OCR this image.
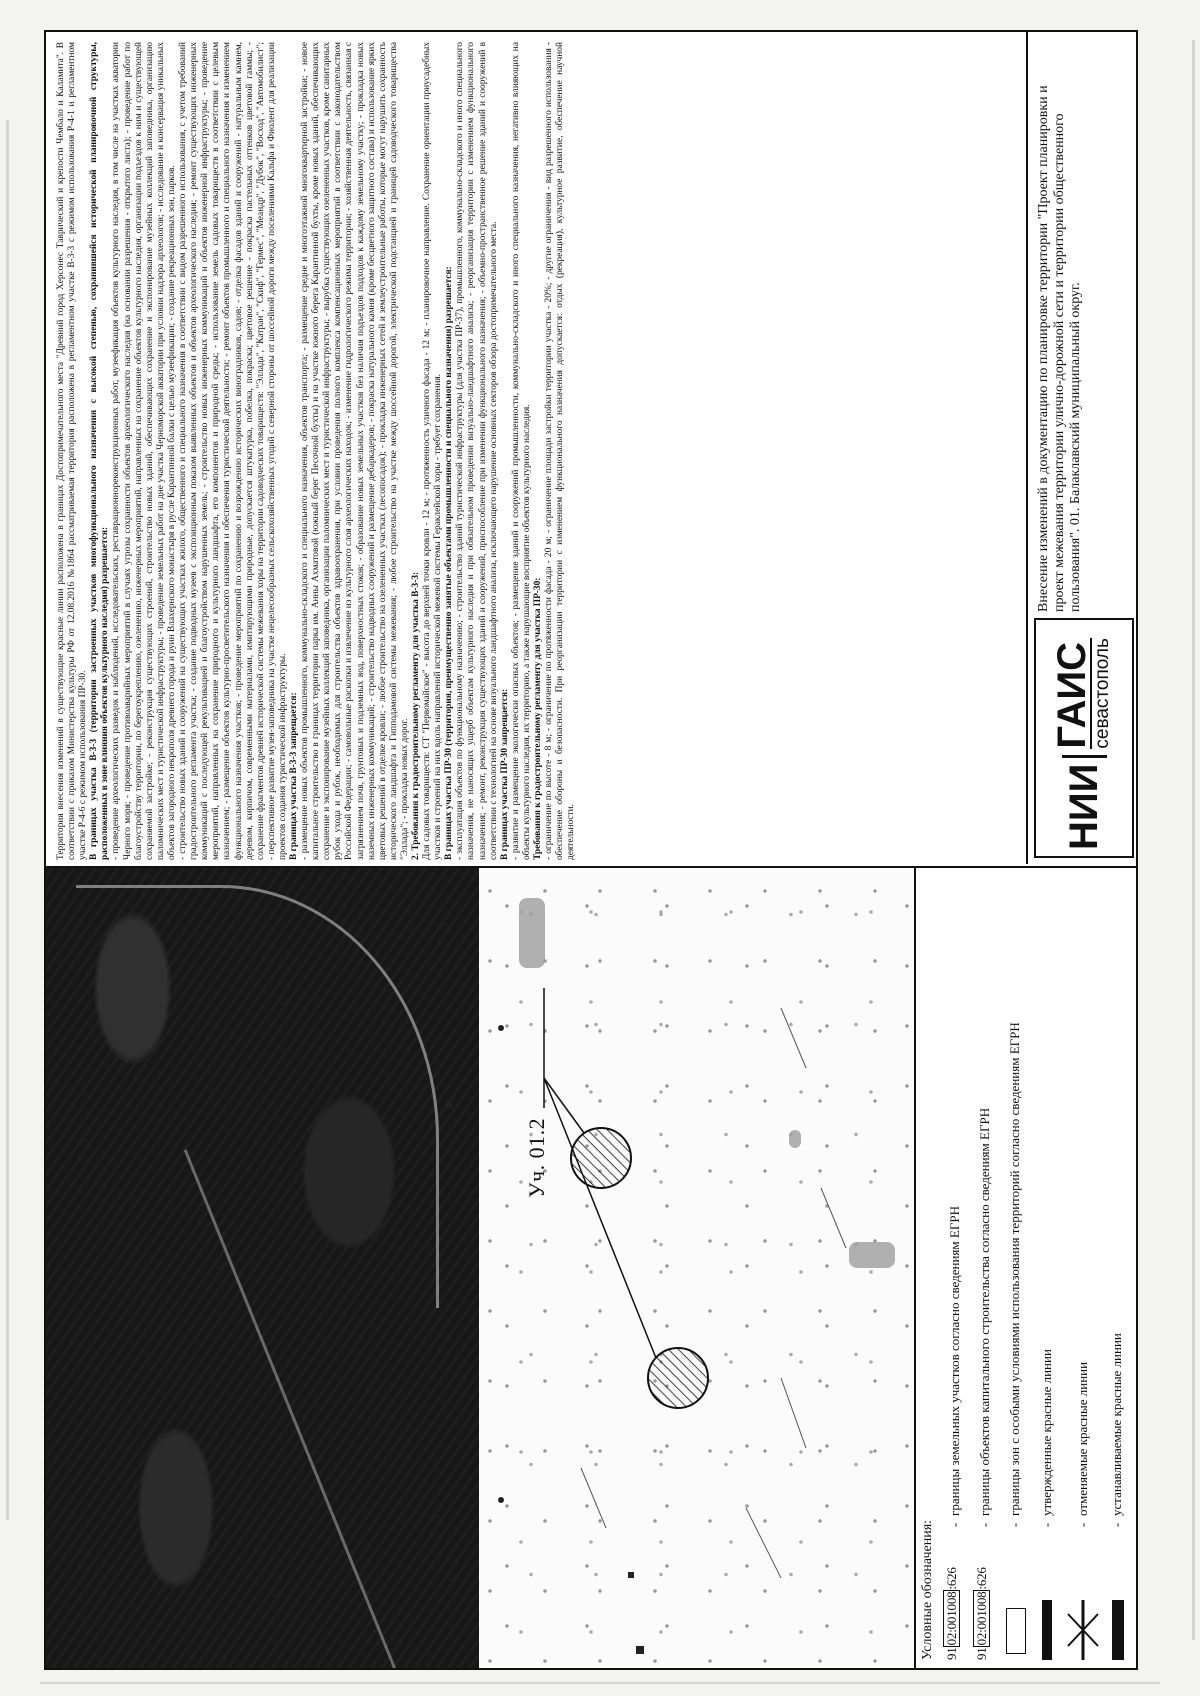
Уч. 01.2
Условные обозначения: 9102:001008:626
-
границы земельных участков согласно сведениям ЕГРН
9102:001008:626
-
границы объектов капитального строительства согласно сведениям ЕГРН
-
границы зон с особыми условиями использования территорий согласно сведениям ЕГРН
-
утвержденные красные линии
-
отменяемые красные линии
-
устанавливаемые красные линии

Территория внесения изменений в существующие красные линии расположена в границах Достопримечательного места "Древний город Херсонес Таврический и крепости Чембало и Каламита". В соответствии с приказом Министерства культуры РФ от 12.08.2016 №1864 рассматриваемая территория расположена в регламентном участке В-3-3 с режимом использования Р-4-1 и регламентном участке Р-4-6 с режимом использования ПР-30. В границах участка В-3-3 (территории застроенных участков многофункционального назначения с высокой степенью, сохранившейся исторической планировочной структуры, расположенных в зоне влияния объектов культурного наследия) разрешается: - проведение археологических разведок и наблюдений, исследовательских, реставрационнореконструкционных работ, музеефикация объектов культурного наследия, в том числе на участках акватории Черного моря; - проведение противоаварийных мероприятий в случаях угрозы сохранности объектов археологического наследия (на основании разрешения - открытого листа); - проведение работ по благоустройству территории, по берегоукреплению, озеленению, инженерных мероприятий, направленных на сохранение объектов культурного наследия, организации подъездов к ним и существующей сохраняемой застройке; - реконструкция существующих строений, строительство новых зданий, обеспечивающих сохранение и экспонирование музейных коллекций заповедника, организацию паломнических мест и туристической инфраструктуры; - проведение земельных работ на дне участка Черноморской акватории при условии надзора археологов; - исследование и консервация уникальных объектов загородного некрополя древнего города и руин Влахернского монастыря в русле Карантинной балки с целью музеефикации; - создание рекреационных зон, парков. - строительство новых зданий и сооружений на существующих участках жилого, общественного и специального назначения в соответствии с видом разрешенного использования, с учетом требований градостроительного регламента участка; - создание подводных музеев с экспозиционным показом выявленных объектов и объектов археологического наследия; - ремонт существующих инженерных коммуникаций с последующей рекультивацией и благоустройством нарушенных земель; - строительство новых инженерных коммуникаций и объектов инженерной инфраструктуры; - проведение мероприятий, направленных на сохранение природного и культурного ландшафта, его компонентов и природной среды; - использование земель садовых товариществ в соответствии с целевым назначением; - размещение объектов культурно-просветительского назначения и обеспечения туристической деятельности; - ремонт объектов промышленного и специального назначения и изменением функционального назначения участков; - проведение мероприятий по сохранению и возрождению исторических виноградников, садов; - отделка фасадов зданий и сооружений - натуральным камнем, деревом, кирпичом, современными материалами, имитирующими природные, допускается штукатурка, побелка, покраска; цветовое решение - покраска пастельных оттенков цветовой гаммы; - сохранение фрагментов древней исторической системы межевания хоры на территории садоводческих товариществ: "Эллада", "Катран", "Скиф", "Гермес", "Меандр", "Дубок", "Восход", "Автомобилист"; - перспективное развитие музея-заповедника на участке нецелесообразных сельскохозяйственных угодий с северной стороны от шоссейной дороги между поселениями Кальфа и Фиолент для реализации проектов создания туристической инфраструктуры. В границах участка В-3-3 запрещается: - размещение новых объектов промышленного, коммунально-складского и специального назначения, объектов транспорта; - размещение средне и многоэтажной многоквартирной застройки; - новое капитальное строительство в границах территории парка им. Анны Ахматовой (южный берег Песочной бухты) и на участке южного берега Карантинной бухты, кроме новых зданий, обеспечивающих сохранение и экспонирование музейных коллекций заповедника, организации паломнических мест и туристической инфраструктуры; - вырубка существующих озелененных участков, кроме санитарных рубок ухода и рубок, необходимых для строительства объектов здравоохранения, при условии проведения полного комплекса компенсационных мероприятий в соответствии с законодательством Российской Федерации; - самовольные раскопки и извлечение из культурного слоя археологических находок; - изменение гидрологического режима территории; - хозяйственная деятельность, связанная с загрязнением почв, грунтовых и подземных вод, поверхностных стоков; - образование новых земельных участков без наличия подъездов подходов к каждому земельному участку; - прокладка новых наземных инженерных коммуникаций; - строительство надводных сооружений и размещение дебаркадеров; - покраска натурального камня (кроме бесцветного защитного состава) и использование ярких цветовых решений в отделке кровли; - любое строительство на озелененных участках (лесопосадок); - прокладка инженерных сетей и землеустроительные работы, которые могут нарушить сохранность исторического ландшафта и Гипподамовой системы межевания; - любое строительство на участке между шоссейной дорогой, электрической подстанцией и границей садоводческого товарищества "Эллада"; - прокладка новых дорог. 2. Требования к градостроительному регламенту для участка В-3-3: Для садовых товариществ: СТ "Первомайское" - высота до верхней точки кровли - 12 м; - протяженность уличного фасада - 12 м; - планировочное направление. Сохранение ориентации приусадебных участков и строений на них вдоль направлений исторической межевой системы Гераклейской хоры - требует сохранения. В границах участка ПР-30 (территория, преимущественно занятые объектами промышленности и специального назначения) разрешается: - эксплуатация объектов по функциональному назначению; - строительство зданий туристической инфраструктуры (для участка ПР-37), промышленного, коммунально-складского и иного специального назначения, не наносящих ущерб объектам культурного наследия и при обязательном проведении визуально-ландшафтного анализа; - реорганизация территории с изменением функционального назначения; - ремонт, реконструкция существующих зданий и сооружений, приспособление при изменении функционального назначения; - объемно-пространственное решение зданий и сооружений в соответствии с технологией на основе визуального ландшафтного анализа, исключающего нарушение основных секторов обзора достопримечательного места. В границах участка ПР-30 запрещается: - развитие и размещение экологически опасных объектов; - размещение зданий и сооружений промышленности, коммунально-складского и иного специального назначения, негативно влияющих на объекты культурного наследия, их территорию, а также нарушающие восприятие объектов культурного наследия. Требования к градостроительному регламенту для участка ПР-30: - ограничение по высоте - 8 м; - ограничение по протяженности фасада - 20 м; - ограничение площади застройки территории участка - 20%; - другие ограничения - вид разрешенного использования - обеспечение обороны и безопасности. При реорганизации территории с изменением функционального назначения допускается: отдых (рекреация), культурное развитие, обеспечение научной деятельности.	НИИ
ГАИС
севастополь
Внесение изменений в документацию по планировке территории "Проект планировки и проект межевания территории улично-дорожной сети и территории общественного пользования". 01. Балаклавский муниципальный округ.
